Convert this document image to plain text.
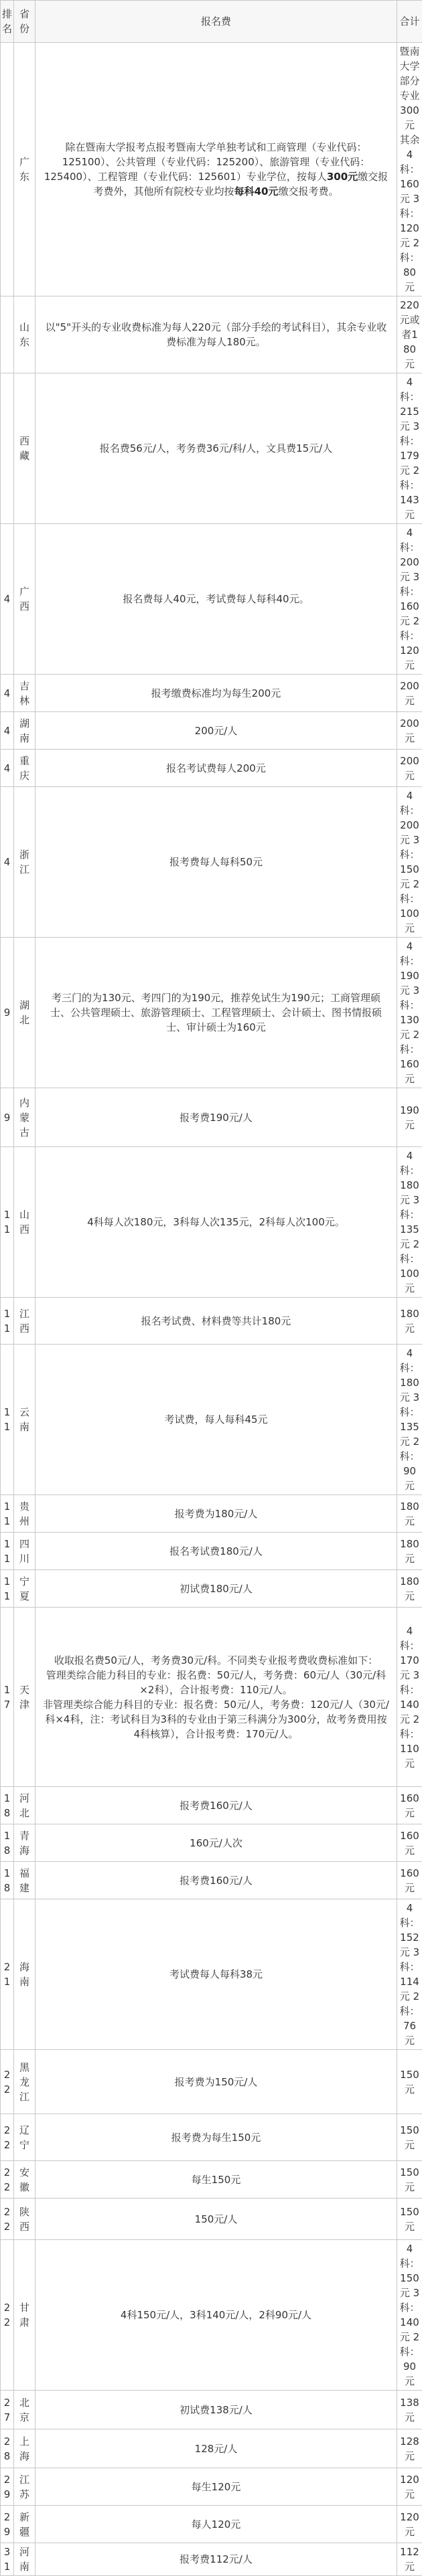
排名	省份	报名费	合计
	广东	除在暨南大学报考点报考暨南大学单独考试和工商管理（专业代码：125100）、公共管理（专业代码：125200）、旅游管理（专业代码：125400）、工程管理（专业代码：125601）专业学位，按每人300元缴交报考费外，其他所有院校专业均按每科40元缴交报考费。	暨南大学部分专业300元 其余4科：160元 3科：120元 2科：80元
	山东	以"5"开头的专业收费标准为每人220元（部分手绘的考试科目），其余专业收费标准为每人180元。	220元或者180元
	西藏	报名费56元/人，考务费36元/科/人，文具费15元/人	4科：215元 3科：179元 2科：143元
4	广西	报名费每人40元，考试费每人每科40元。	4科：200元 3科：160元 2科：120元
4	吉林	报考缴费标准均为每生200元	200元
4	湖南	200元/人	200元
4	重庆	报名考试费每人200元	200元
4	浙江	报考费每人每科50元	4科：200元 3科：150元 2科：100元
9	湖北	考三门的为130元、考四门的为190元，推荐免试生为190元；工商管理硕士、公共管理硕士、旅游管理硕士、工程管理硕士、会计硕士、图书情报硕士、审计硕士为160元	4科：190元 3科：130元 2科：160元
9	内蒙古	报考费190元/人	190元
11	山西	4科每人次180元，3科每人次135元，2科每人次100元。	4科：180元 3科：135元 2科：100元
11	江西	报名考试费、材料费等共计180元	180元
11	云南	考试费，每人每科45元	4科：180元 3科：135元 2科：90元
11	贵州	报考费为180元/人	180元
11	四川	报名考试费180元/人	180元
11	宁夏	初试费180元/人	180元
17	天津	收取报名费50元/人，考务费30元/科。不同类专业报考费收费标准如下：
管理类综合能力科目的专业：报名费：50元/人，考务费：60元/人（30元/科×2科），合计报考费：110元/人。
非管理类综合能力科目的专业：报名费：50元/人，考务费：120元/人（30元/科×4科，注：考试科目为3科的专业由于第三科满分为300分，故考务费用按4科核算），合计报考费：170元/人。	4科：170元 3科：140元 2科：110元
18	河北	报考费160元/人	160元
18	青海	160元/人次	160元
18	福建	报考费160元/人	160元
21	海南	考试费每人每科38元	4科：152元 3科：114元 2科：76元
22	黑龙江	报考费为150元/人	150元
22	辽宁	报考费为每生150元	150元
22	安徽	每生150元	150元
22	陕西	150元/人	150元
22	甘肃	4科150元/人，3科140元/人，2科90元/人	4科：150元 3科：140元 2科：90元
27	北京	初试费138元/人	138元
28	上海	128元/人	128元
29	江苏	每生120元	120元
29	新疆	每人120元	120元
31	河南	报考费112元/人	112元
